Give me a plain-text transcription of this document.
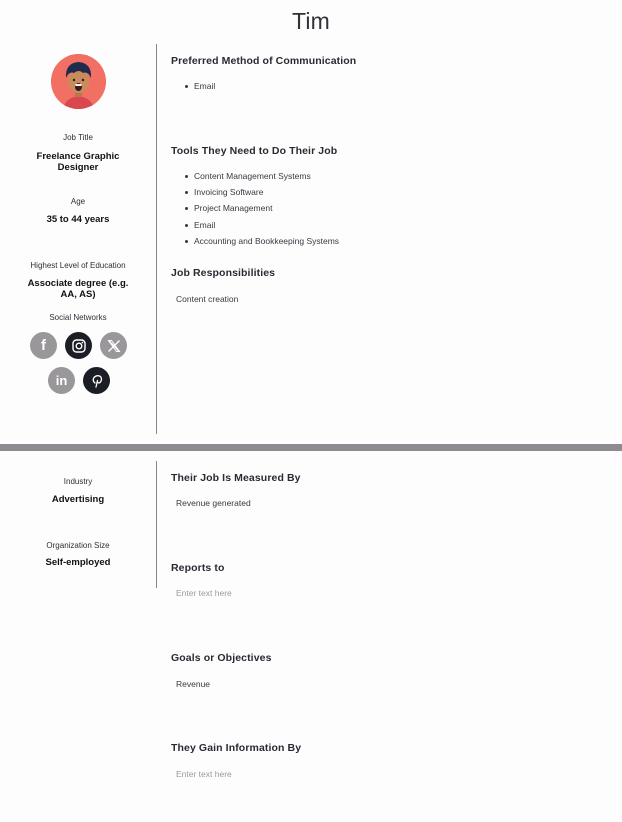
Tim
Job Title
Freelance Graphic Designer
Age
35 to 44 years
Highest Level of Education
Associate degree (e.g. AA, AS)
Social Networks
f
in
Preferred Method of Communication
Email
Tools They Need to Do Their Job
Content Management Systems
Invoicing Software
Project Management
Email
Accounting and Bookkeeping Systems
Job Responsibilities
Content creation
Industry
Advertising
Organization Size
Self-employed
Their Job Is Measured By
Revenue generated
Reports to
Enter text here
Goals or Objectives
Revenue
They Gain Information By
Enter text here
